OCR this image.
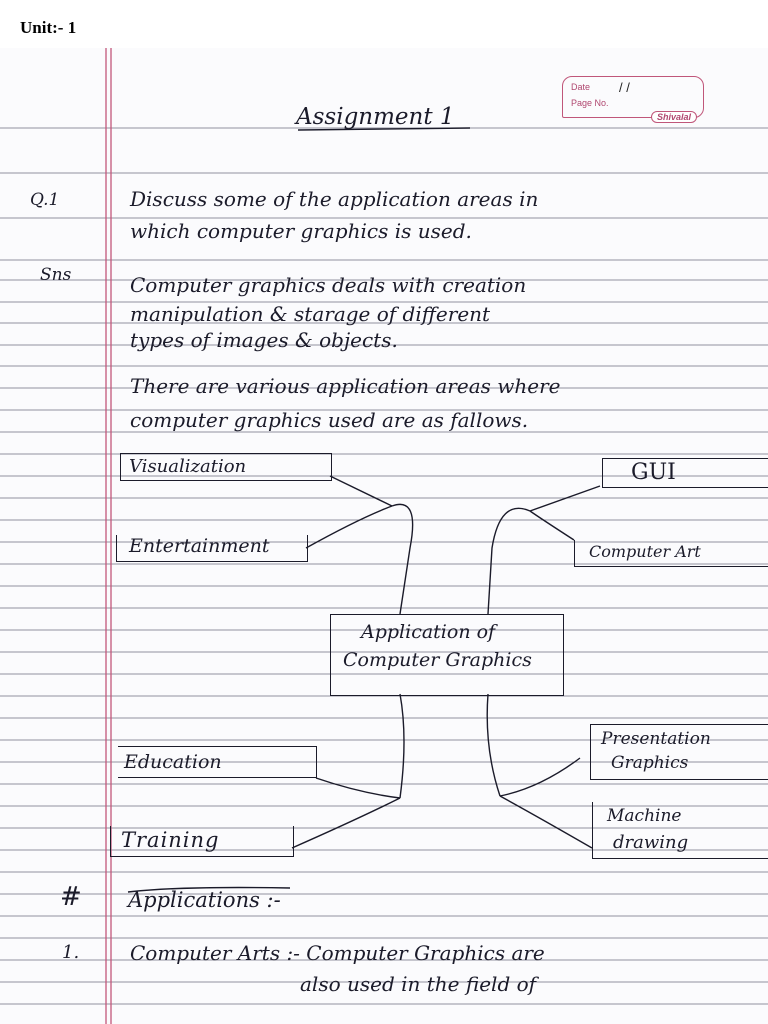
Unit:- 1
Date / /
Page No.
Shivalal
Assignment 1
Q.1	Discuss some of the application areas in
which computer graphics is used.
Sns	Computer graphics deals with creation
manipulation & starage of different
types of images & objects.
There are various application areas where
computer graphics used are as fallows.
Visualization	GUI
Entertainment	Computer Art
Application of
Computer Graphics
Education
Presentation
Graphics
Training
Machine
drawing
# Applications :-
1.	Computer Arts :- Computer Graphics are
also used in the field of
